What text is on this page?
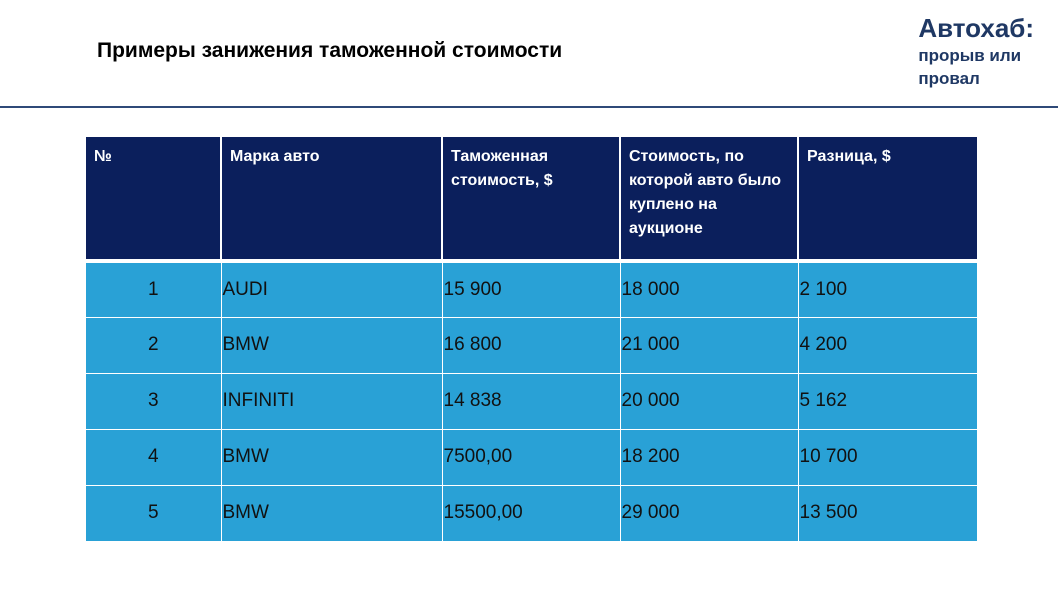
Примеры занижения таможенной стоимости
Автохаб:
прорыв или
провал
№	Марка авто	Таможенная стоимость, $	Стоимость, по которой авто было куплено на аукционе	Разница, $
1	AUDI	15 900	18 000	2 100
2	BMW	16 800	21 000	4 200
3	INFINITI	14 838	20 000	5 162
4	BMW	7500,00	18 200	10 700
5	BMW	15500,00	29 000	13 500
